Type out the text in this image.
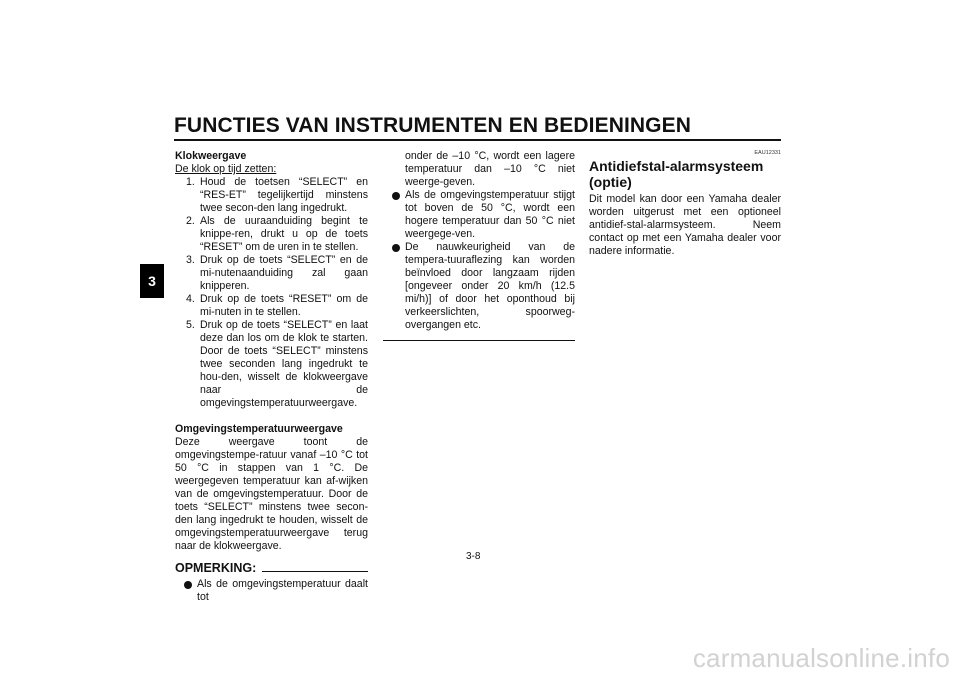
FUNCTIES VAN INSTRUMENTEN EN BEDIENINGEN
3
Klokweergave
De klok op tijd zetten:
1. Houd de toetsen “SELECT” en “RES-ET” tegelijkertijd minstens twee secon-den lang ingedrukt.
2. Als de uuraanduiding begint te knippe-ren, drukt u op de toets “RESET” om de uren in te stellen.
3. Druk op de toets “SELECT” en de mi-nutenaanduiding zal gaan knipperen.
4. Druk op de toets “RESET” om de mi-nuten in te stellen.
5. Druk op de toets “SELECT” en laat deze dan los om de klok te starten. Door de toets “SELECT” minstens twee seconden lang ingedrukt te hou-den, wisselt de klokweergave naar de omgevingstemperatuurweergave.
Omgevingstemperatuurweergave

Deze weergave toont de omgevingstempe-ratuur vanaf –10 °C tot 50 °C in stappen van 1 °C. De weergegeven temperatuur kan af-wijken van de omgevingstemperatuur. Door de toets “SELECT” minstens twee secon-den lang ingedrukt te houden, wisselt de omgevingstemperatuurweergave terug naar de klokweergave.

OPMERKING:
Als de omgevingstemperatuur daalt tot

onder de –10 °C, wordt een lagere temperatuur dan –10 °C niet weerge-geven.

Als de omgevingstemperatuur stijgt tot boven de 50 °C, wordt een hogere temperatuur dan 50 °C niet weergege-ven.
De nauwkeurigheid van de tempera-tuuraflezing kan worden beïnvloed door langzaam rijden [ongeveer onder 20 km/h (12.5 mi/h)] of door het oponthoud bij verkeerslichten, spoorweg-overgangen etc.
EAU12331
Antidiefstal-alarmsysteem (optie)

Dit model kan door een Yamaha dealer worden uitgerust met een optioneel antidief-stal-alarmsysteem. Neem contact op met een Yamaha dealer voor nadere informatie.

3-8
carmanualsonline.info
